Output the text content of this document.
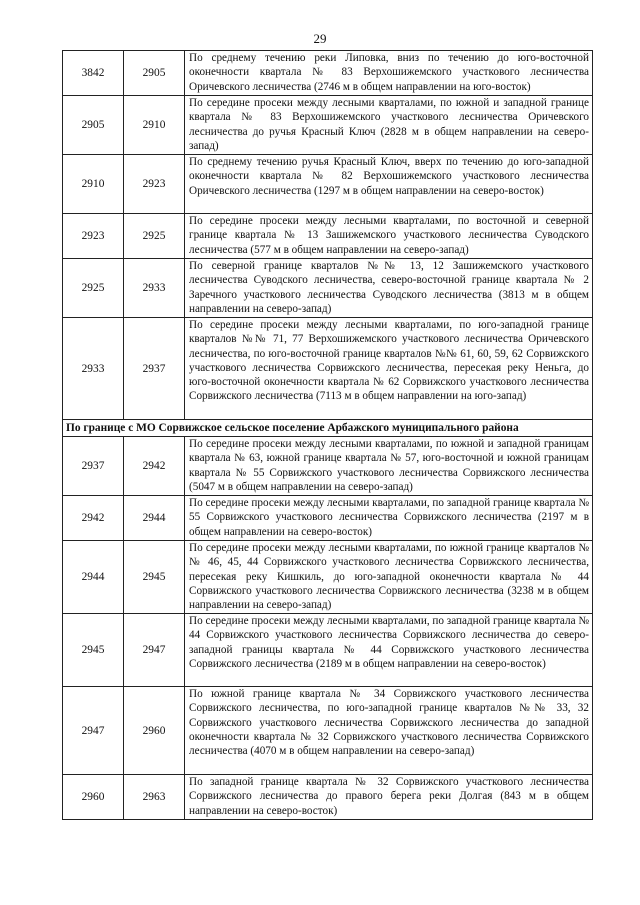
29
3842	2905	По среднему течению реки Липовка, вниз по течению до юго-восточной оконечности квартала № 83 Верхошижемского участкового лесничества Оричевского лесничества (2746 м в общем направлении на юго-восток)
2905	2910	По середине просеки между лесными кварталами, по южной и западной границе квартала № 83 Верхошижемского участкового лесничества Оричевского лесничества до ручья Красный Ключ (2828 м в общем направлении на северо-запад)
2910	2923	По среднему течению ручья Красный Ключ, вверх по течению до юго-западной оконечности квартала № 82 Верхошижемского участкового лесничества Оричевского лесничества (1297 м в общем направлении на северо-восток)
2923	2925	По середине просеки между лесными кварталами, по восточной и северной границе квартала № 13 Зашижемского участкового лесничества Суводского лесничества (577 м в общем направлении на северо-запад)
2925	2933	По северной границе кварталов №№ 13, 12 Зашижемского участкового лесничества Суводского лесничества, северо-восточной границе квартала № 2 Заречного участкового лесничества Суводского лесничества (3813 м в общем направлении на северо-запад)
2933	2937	По середине просеки между лесными кварталами, по юго-западной границе кварталов №№ 71, 77 Верхошижемского участкового лесничества Оричевского лесничества, по юго-восточной границе кварталов №№ 61, 60, 59, 62 Сорвижского участкового лесничества Сорвижского лесничества, пересекая реку Неньга, до юго-восточной оконечности квартала № 62 Сорвижского участкового лесничества Сорвижского лесничества (7113 м в общем направлении на юго-запад)
По границе с МО Сорвижское сельское поселение Арбажского муниципального района		
2937	2942	По середине просеки между лесными кварталами, по южной и западной границам квартала № 63, южной границе квартала № 57, юго-восточной и южной границам квартала № 55 Сорвижского участкового лесничества Сорвижского лесничества (5047 м в общем направлении на северо-запад)
2942	2944	По середине просеки между лесными кварталами, по западной границе квартала № 55 Сорвижского участкового лесничества Сорвижского лесничества (2197 м в общем направлении на северо-восток)
2944	2945	По середине просеки между лесными кварталами, по южной границе кварталов №№ 46, 45, 44 Сорвижского участкового лесничества Сорвижского лесничества, пересекая реку Кишкиль, до юго-западной оконечности квартала № 44 Сорвижского участкового лесничества Сорвижского лесничества (3238 м в общем направлении на северо-запад)
2945	2947	По середине просеки между лесными кварталами, по западной границе квартала № 44 Сорвижского участкового лесничества Сорвижского лесничества до северо-западной границы квартала № 44 Сорвижского участкового лесничества Сорвижского лесничества (2189 м в общем направлении на северо-восток)
2947	2960	По южной границе квартала № 34 Сорвижского участкового лесничества Сорвижского лесничества, по юго-западной границе кварталов №№ 33, 32 Сорвижского участкового лесничества Сорвижского лесничества до западной оконечности квартала № 32 Сорвижского участкового лесничества Сорвижского лесничества (4070 м в общем направлении на северо-запад)
2960	2963	По западной границе квартала № 32 Сорвижского участкового лесничества Сорвижского лесничества до правого берега реки Долгая (843 м в общем направлении на северо-восток)
